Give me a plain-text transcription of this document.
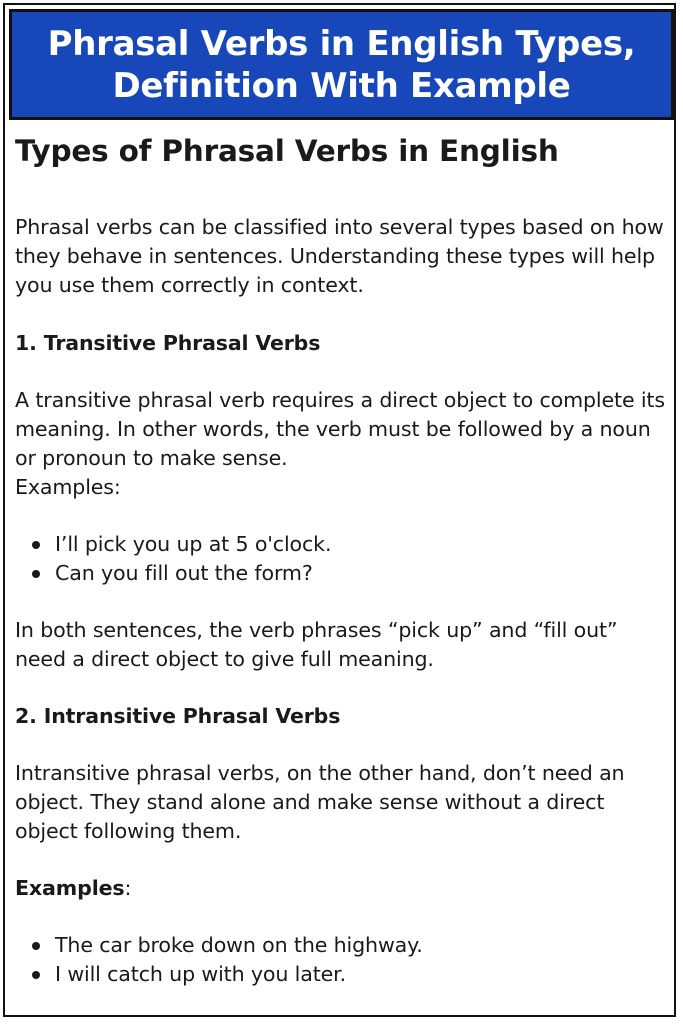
Phrasal Verbs in English Types,
Definition With Example
Types of Phrasal Verbs in English

Phrasal verbs can be classified into several types based on how they behave in sentences. Understanding these types will help you use them correctly in context.

1. Transitive Phrasal Verbs

A transitive phrasal verb requires a direct object to complete its meaning. In other words, the verb must be followed by a noun or pronoun to make sense.

Examples:

I’ll pick you up at 5 o'clock.
Can you fill out the form?

In both sentences, the verb phrases “pick up” and “fill out” need a direct object to give full meaning.

2. Intransitive Phrasal Verbs

Intransitive phrasal verbs, on the other hand, don’t need an object. They stand alone and make sense without a direct object following them.

Examples:

The car broke down on the highway.
I will catch up with you later.
